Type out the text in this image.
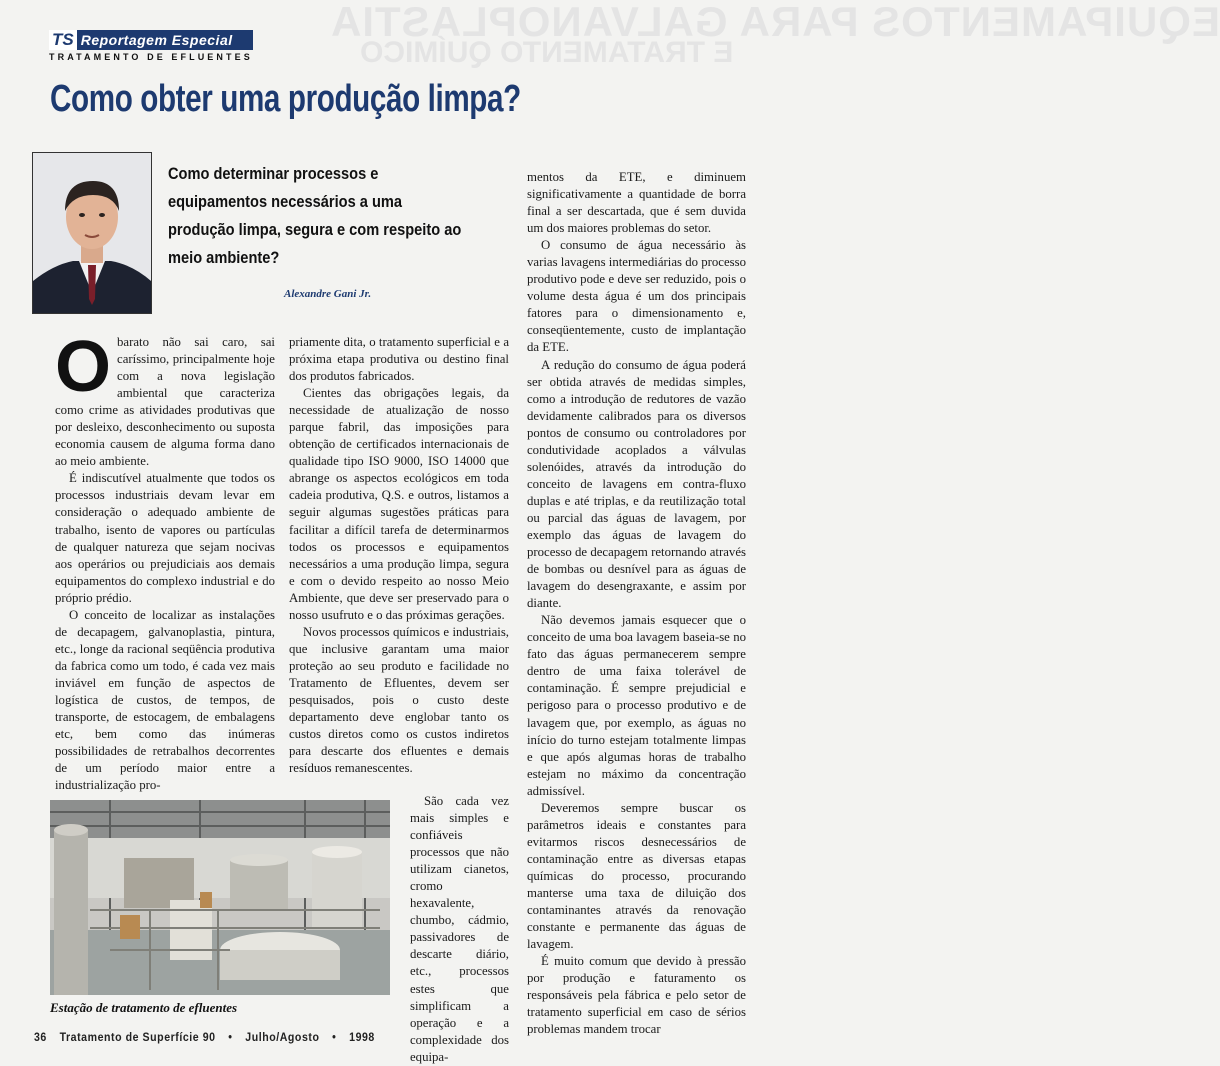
EQUIPAMENTOS PARA GALVANOPLASTIA
E TRATAMENTO QUÍMICO
TS Reportagem Especial
TRATAMENTO DE EFLUENTES
Como obter uma produção limpa?
Como determinar processos e equipamentos necessários a uma produção limpa, segura e com respeito ao meio ambiente?
Alexandre Gani Jr.
O barato não sai caro, sai caríssimo, principalmente hoje com a nova legislação ambiental que caracteriza como crime as atividades produtivas que por desleixo, desconhecimento ou suposta economia causem de alguma forma dano ao meio ambiente.

É indiscutível atualmente que todos os processos industriais devam levar em consideração o adequado ambiente de trabalho, isento de vapores ou partículas de qualquer natureza que sejam nocivas aos operários ou prejudiciais aos demais equipamentos do complexo industrial e do próprio prédio.

O conceito de localizar as instalações de decapagem, galvanoplastia, pintura, etc., longe da racional seqüência produtiva da fabrica como um todo, é cada vez mais inviável em função de aspectos de logística de custos, de tempos, de transporte, de estocagem, de embalagens etc, bem como das inúmeras possibilidades de retrabalhos decorrentes de um período maior entre a industrialização pro-

priamente dita, o tratamento superficial e a próxima etapa produtiva ou destino final dos produtos fabricados.

Cientes das obrigações legais, da necessidade de atualização de nosso parque fabril, das imposições para obtenção de certificados internacionais de qualidade tipo ISO 9000, ISO 14000 que abrange os aspectos ecológicos em toda cadeia produtiva, Q.S. e outros, listamos a seguir algumas sugestões práticas para facilitar a difícil tarefa de determinarmos todos os processos e equipamentos necessários a uma produção limpa, segura e com o devido respeito ao nosso Meio Ambiente, que deve ser preservado para o nosso usufruto e o das próximas gerações.

Novos processos químicos e industriais, que inclusive garantam uma maior proteção ao seu produto e facilidade no Tratamento de Efluentes, devem ser pesquisados, pois o custo deste departamento deve englobar tanto os custos diretos como os custos indiretos para descarte dos efluentes e demais resíduos remanescentes.

São cada vez mais simples e confiáveis processos que não utilizam cianetos, cromo hexavalente, chumbo, cádmio, passivadores de descarte diário, etc., processos estes que simplificam a operação e a complexidade dos equipa-

mentos da ETE, e diminuem significativamente a quantidade de borra final a ser descartada, que é sem duvida um dos maiores problemas do setor.

O consumo de água necessário às varias lavagens intermediárias do processo produtivo pode e deve ser reduzido, pois o volume desta água é um dos principais fatores para o dimensionamento e, conseqüentemente, custo de implantação da ETE.

A redução do consumo de água poderá ser obtida através de medidas simples, como a introdução de redutores de vazão devidamente calibrados para os diversos pontos de consumo ou controladores por condutividade acoplados a válvulas solenóides, através da introdução do conceito de lavagens em contra-fluxo duplas e até triplas, e da reutilização total ou parcial das águas de lavagem, por exemplo das águas de lavagem do processo de decapagem retornando através de bombas ou desnível para as águas de lavagem do desengraxante, e assim por diante.

Não devemos jamais esquecer que o conceito de uma boa lavagem baseia-se no fato das águas permanecerem sempre dentro de uma faixa tolerável de contaminação. É sempre prejudicial e perigoso para o processo produtivo e de lavagem que, por exemplo, as águas no início do turno estejam totalmente limpas e que após algumas horas de trabalho estejam no máximo da concentração admissível.

Deveremos sempre buscar os parâmetros ideais e constantes para evitarmos riscos desnecessários de contaminação entre as diversas etapas químicas do processo, procurando manterse uma taxa de diluição dos contaminantes através da renovação constante e permanente das águas de lavagem.

É muito comum que devido à pressão por produção e faturamento os responsáveis pela fábrica e pelo setor de tratamento superficial em caso de sérios problemas mandem trocar

Estação de tratamento de efluentes
36 Tratamento de Superfície 90 • Julho/Agosto • 1998
